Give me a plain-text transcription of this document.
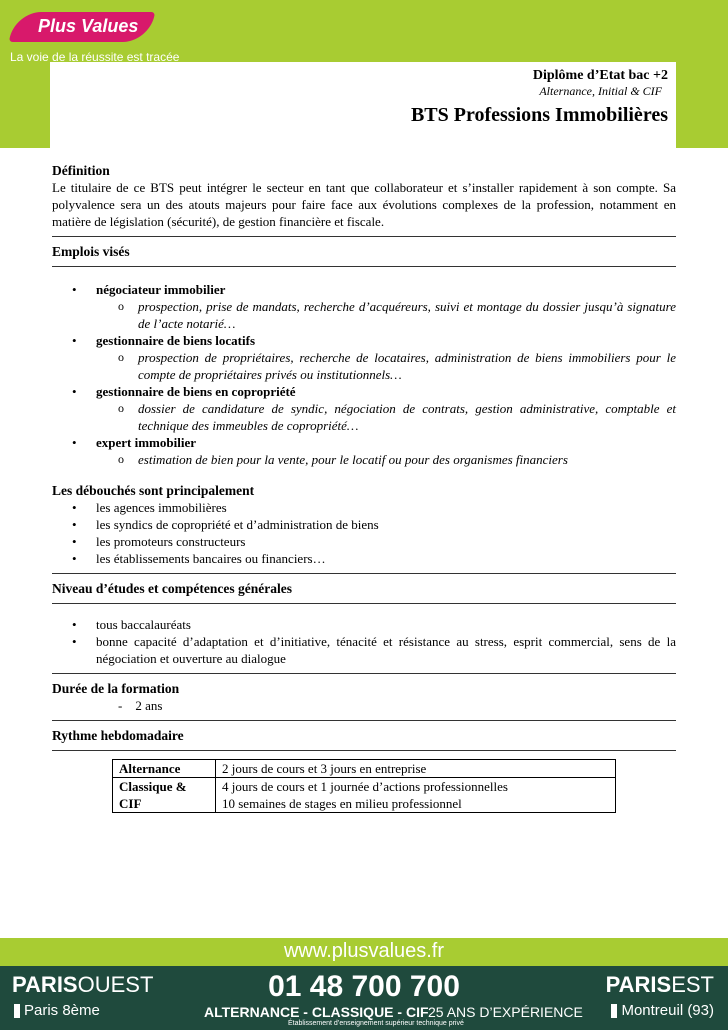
Plus Values
La voie de la réussite est tracée
Diplôme d’Etat bac +2
Alternance, Initial & CIF
BTS Professions Immobilières
Définition
Le titulaire de ce BTS peut intégrer le secteur en tant que collaborateur et s’installer rapidement à son compte. Sa polyvalence sera un des atouts majeurs pour faire face aux évolutions complexes de la profession, notamment en matière de législation (sécurité), de gestion financière et fiscale.
Emplois visés
• négociateur immobilier
o prospection, prise de mandats, recherche d’acquéreurs, suivi et montage du dossier jusqu’à signature de l’acte notarié…
• gestionnaire de biens locatifs
o prospection de propriétaires, recherche de locataires, administration de biens immobiliers pour le compte de propriétaires privés ou institutionnels…
• gestionnaire de biens en copropriété
o dossier de candidature de syndic, négociation de contrats, gestion administrative, comptable et technique des immeubles de copropriété…
• expert immobilier
o estimation de bien pour la vente, pour le locatif ou pour des organismes financiers
Les débouchés sont principalement
• les agences immobilières
• les syndics de copropriété et d’administration de biens
• les promoteurs constructeurs
• les établissements bancaires ou financiers…
Niveau d’études et compétences générales
• tous baccalauréats
• bonne capacité d’adaptation et d’initiative, ténacité et résistance au stress, esprit commercial, sens de la négociation et ouverture au dialogue
Durée de la formation
- 2 ans
Rythme hebdomadaire
Alternance	2 jours de cours et 3 jours en entreprise
Classique & CIF	4 jours de cours et 1 journée d’actions professionnelles
10 semaines de stages en milieu professionnel
www.plusvalues.fr
PARISOUEST
Paris 8ème
01 48 700 700
ALTERNANCE - CLASSIQUE - CIF 25 ANS D’EXPÉRIENCE
Établissement d’enseignement supérieur technique privé
PARISEST
Montreuil (93)
